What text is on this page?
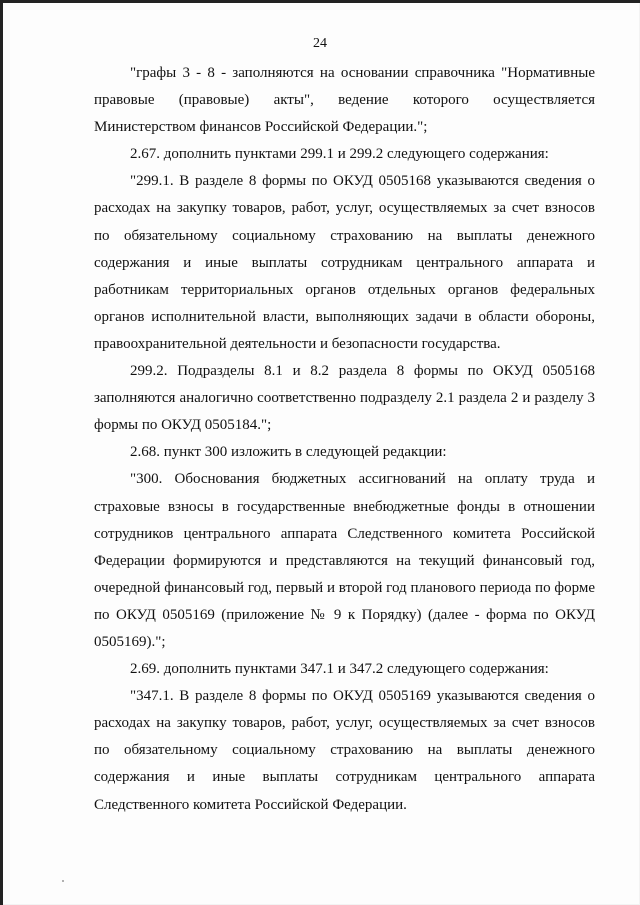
24

"графы 3 - 8 - заполняются на основании справочника "Нормативные правовые (правовые) акты", ведение которого осуществляется Министерством финансов Российской Федерации.";

2.67. дополнить пунктами 299.1 и 299.2 следующего содержания:

"299.1. В разделе 8 формы по ОКУД 0505168 указываются сведения о расходах на закупку товаров, работ, услуг, осуществляемых за счет взносов по обязательному социальному страхованию на выплаты денежного содержания и иные выплаты сотрудникам центрального аппарата и работникам территориальных органов отдельных органов федеральных органов исполнительной власти, выполняющих задачи в области обороны, правоохранительной деятельности и безопасности государства.

299.2. Подразделы 8.1 и 8.2 раздела 8 формы по ОКУД 0505168 заполняются аналогично соответственно подразделу 2.1 раздела 2 и разделу 3 формы по ОКУД 0505184.";

2.68. пункт 300 изложить в следующей редакции:

"300. Обоснования бюджетных ассигнований на оплату труда и страховые взносы в государственные внебюджетные фонды в отношении сотрудников центрального аппарата Следственного комитета Российской Федерации формируются и представляются на текущий финансовый год, очередной финансовый год, первый и второй год планового периода по форме по ОКУД 0505169 (приложение № 9 к Порядку) (далее - форма по ОКУД 0505169).";

2.69. дополнить пунктами 347.1 и 347.2 следующего содержания:

"347.1. В разделе 8 формы по ОКУД 0505169 указываются сведения о расходах на закупку товаров, работ, услуг, осуществляемых за счет взносов по обязательному социальному страхованию на выплаты денежного содержания и иные выплаты сотрудникам центрального аппарата Следственного комитета Российской Федерации.
